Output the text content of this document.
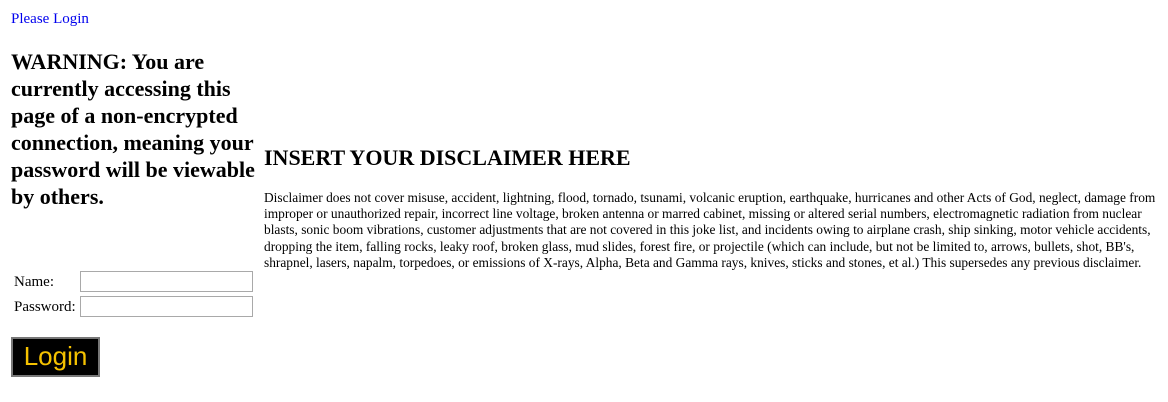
Please Login
WARNING: You are currently accessing this page of a non-encrypted connection, meaning your password will be viewable by others.
Name:	
Password:	
Login
INSERT YOUR DISCLAIMER HERE

Disclaimer does not cover misuse, accident, lightning, flood, tornado, tsunami, volcanic eruption, earthquake, hurricanes and other Acts of God, neglect, damage from improper or unauthorized repair, incorrect line voltage, broken antenna or marred cabinet, missing or altered serial numbers, electromagnetic radiation from nuclear blasts, sonic boom vibrations, customer adjustments that are not covered in this joke list, and incidents owing to airplane crash, ship sinking, motor vehicle accidents, dropping the item, falling rocks, leaky roof, broken glass, mud slides, forest fire, or projectile (which can include, but not be limited to, arrows, bullets, shot, BB's, shrapnel, lasers, napalm, torpedoes, or emissions of X-rays, Alpha, Beta and Gamma rays, knives, sticks and stones, et al.) This supersedes any previous disclaimer.
